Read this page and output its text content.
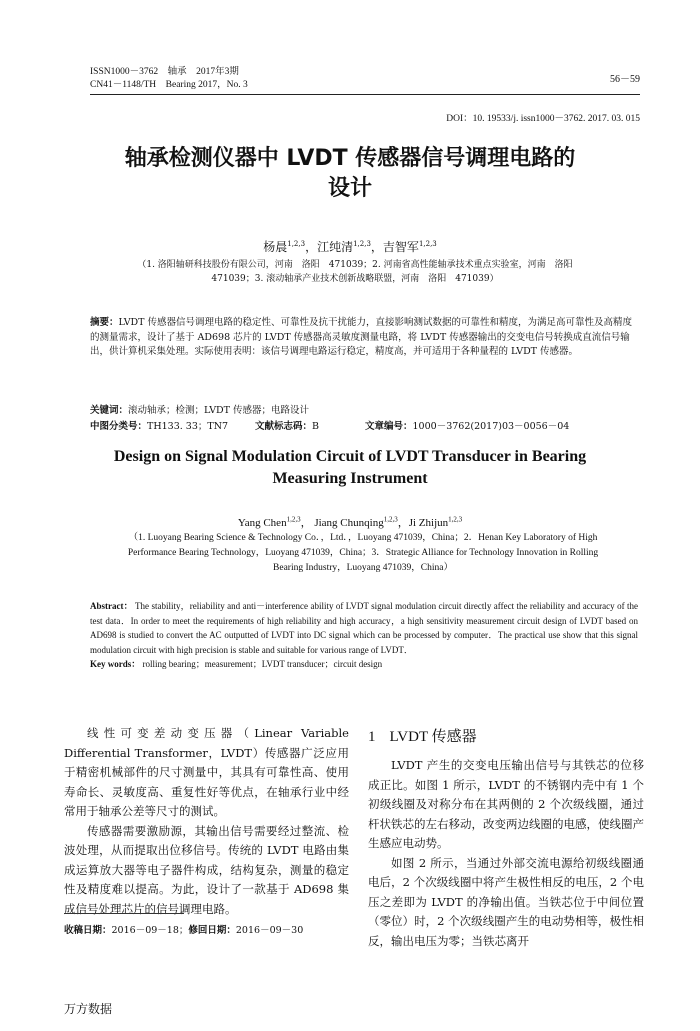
ISSN1000－3762　轴承　2017年3期
CN41－1148/TH　Bearing 2017，No. 3	56－59
DOI：10. 19533/j. issn1000－3762. 2017. 03. 015
轴承检测仪器中 LVDT 传感器信号调理电路的
设计
杨晨$^{1,2,3}$，江纯清$^{1,2,3}$，吉智军$^{1,2,3}$
（1. 洛阳轴研科技股份有限公司，河南　洛阳　471039；2. 河南省高性能轴承技术重点实验室，河南　洛阳
471039；3. 滚动轴承产业技术创新战略联盟，河南　洛阳　471039）
摘要：LVDT 传感器信号调理电路的稳定性、可靠性及抗干扰能力，直接影响测试数据的可靠性和精度，为满足高可靠性及高精度的测量需求，设计了基于 AD698 芯片的 LVDT 传感器高灵敏度测量电路，将 LVDT 传感器输出的交变电信号转换成直流信号输出，供计算机采集处理。实际使用表明：该信号调理电路运行稳定，精度高，并可适用于各种量程的 LVDT 传感器。
关键词：滚动轴承；检测；LVDT 传感器；电路设计
中图分类号：TH133. 33；TN7	文献标志码：B	文章编号：1000－3762(2017)03－0056－04
Design on Signal Modulation Circuit of LVDT Transducer in Bearing
Measuring Instrument
Yang Chen$^{1,2,3}$， Jiang Chunqing$^{1,2,3}$，Ji Zhijun$^{1,2,3}$
（1. Luoyang Bearing Science & Technology Co．，Ltd．，Luoyang 471039，China；2．Henan Key Laboratory of High
Performance Bearing Technology，Luoyang 471039，China；3．Strategic Alliance for Technology Innovation in Rolling
Bearing Industry，Luoyang 471039，China）
Abstract： The stability，reliability and anti－interference ability of LVDT signal modulation circuit directly affect the reliability and accuracy of the test data．In order to meet the requirements of high reliability and high accuracy，a high sensitivity measurement circuit design of LVDT based on AD698 is studied to convert the AC outputted of LVDT into DC signal which can be processed by computer．The practical use show that this signal modulation circuit with high precision is stable and suitable for various range of LVDT．
Key words： rolling bearing；measurement；LVDT transducer；circuit design

线性可变差动变压器（Linear Variable Differential Transformer，LVDT）传感器广泛应用于精密机械部件的尺寸测量中，其具有可靠性高、使用寿命长、灵敏度高、重复性好等优点，在轴承行业中经常用于轴承公差等尺寸的测试。

传感器需要激励源，其输出信号需要经过整流、检波处理，从而提取出位移信号。传统的 LVDT 电路由集成运算放大器等电子器件构成，结构复杂，测量的稳定性及精度难以提高。为此，设计了一款基于 AD698 集成信号处理芯片的信号调理电路。

1 LVDT 传感器

LVDT 产生的交变电压输出信号与其铁芯的位移成正比。如图 1 所示，LVDT 的不锈钢内壳中有 1 个初级线圈及对称分布在其两侧的 2 个次级线圈，通过杆状铁芯的左右移动，改变两边线圈的电感，使线圈产生感应电动势。

如图 2 所示，当通过外部交流电源给初级线圈通电后，2 个次级线圈中将产生极性相反的电压，2 个电压之差即为 LVDT 的净输出值。当铁芯位于中间位置（零位）时，2 个次级线圈产生的电动势相等，极性相反，输出电压为零；当铁芯离开

收稿日期：2016－09－18；修回日期：2016－09－30
万方数据
